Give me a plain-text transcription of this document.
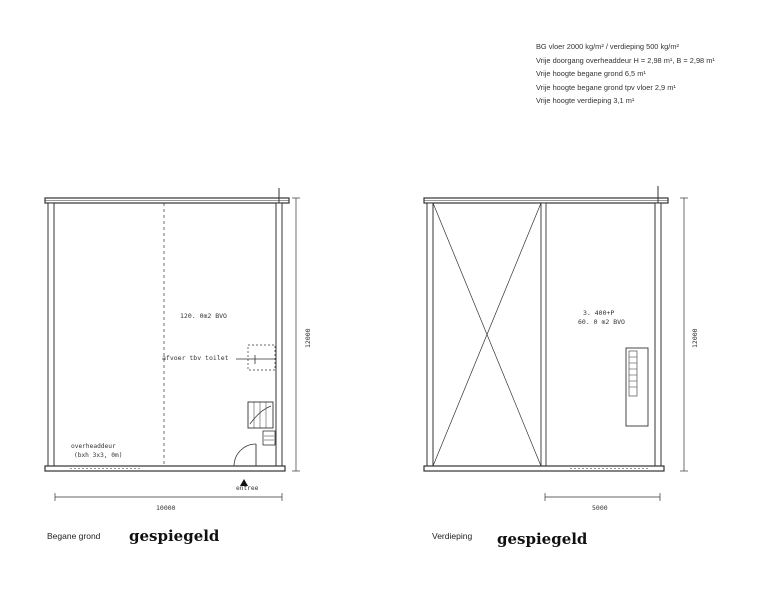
BG vloer 2000 kg/m² / verdieping 500 kg/m²
Vrije doorgang overheaddeur H = 2,98 m¹, B = 2,98 m¹
Vrije hoogte begane grond 6,5 m¹
Vrije hoogte begane grond tpv vloer 2,9 m¹
Vrije hoogte verdieping 3,1 m¹
120. 0m2 BVO
afvoer tbv toilet
overheaddeur
(bxh 3x3, 0m)
entree
10000
12000
3. 400+P
60. 0 m2 BVO
5000
12000
Begane grond gespiegeld	Verdieping gespiegeld
